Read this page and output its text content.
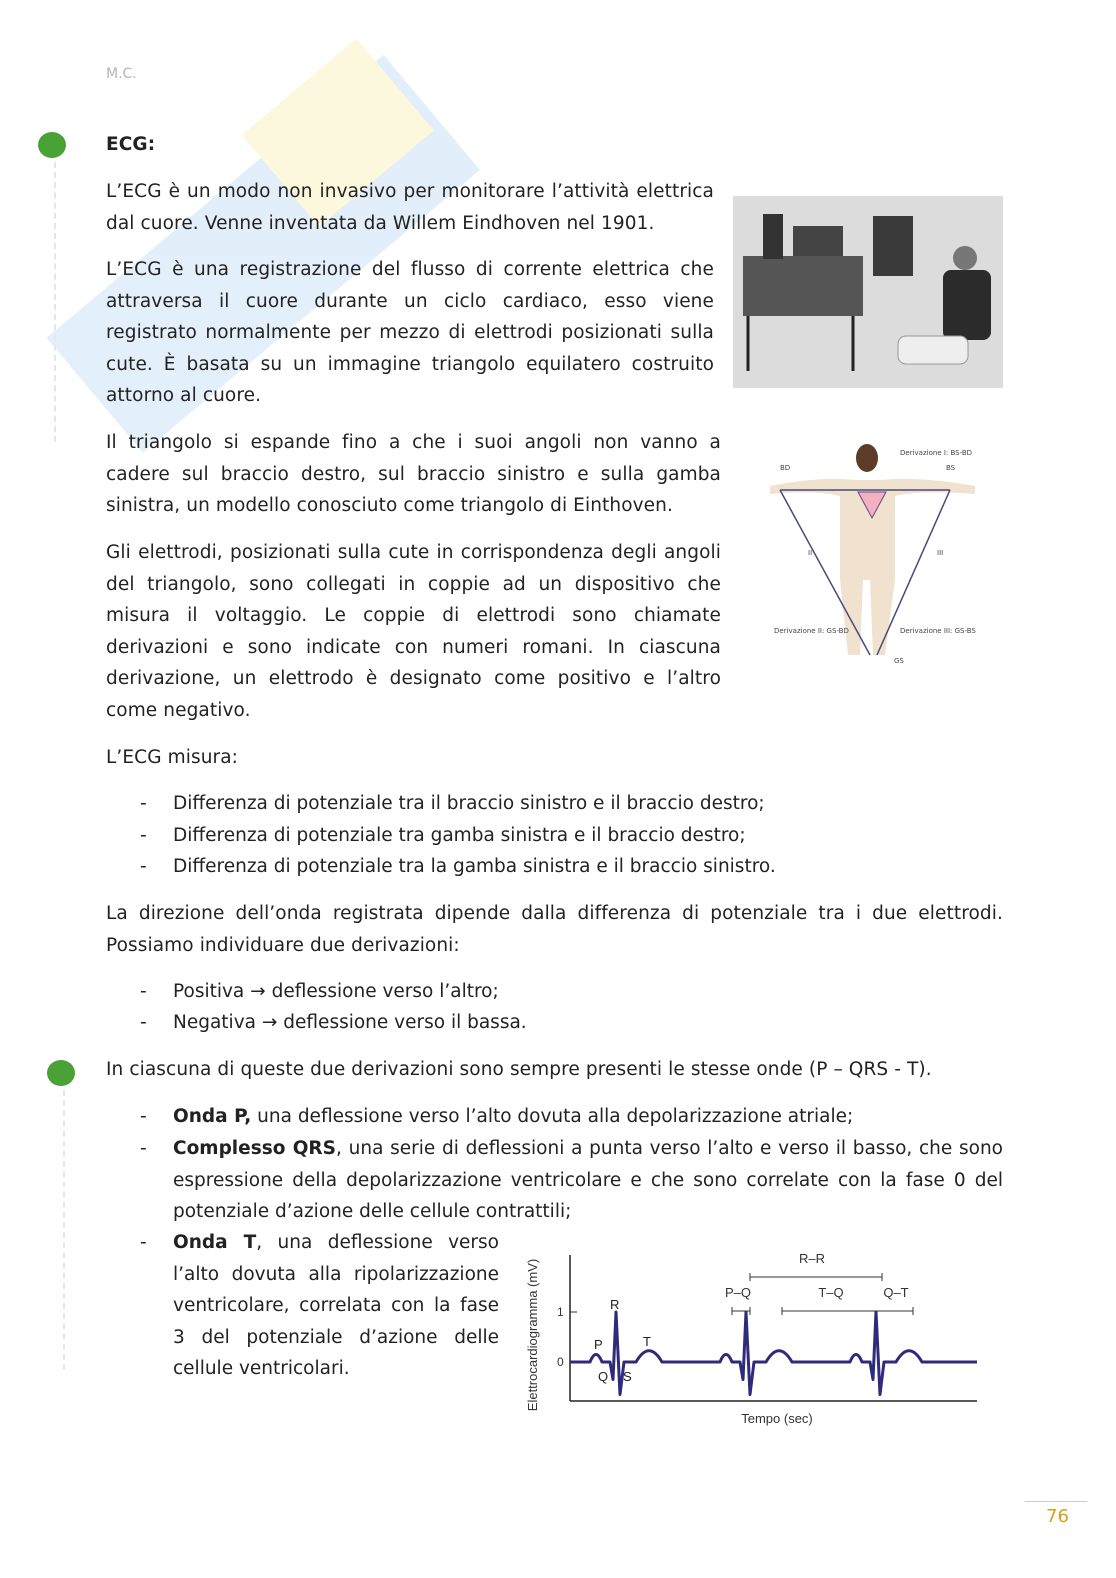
M.C.
ECG:
L’ECG è un modo non invasivo per monitorare l’attività elettrica dal cuore. Venne inventata da Willem Eindhoven nel 1901.
L’ECG è una registrazione del flusso di corrente elettrica che attraversa il cuore durante un ciclo cardiaco, esso viene registrato normalmente per mezzo di elettrodi posizionati sulla cute. È basata su un immagine triangolo equilatero costruito attorno al cuore.
Il triangolo si espande fino a che i suoi angoli non vanno a cadere sul braccio destro, sul braccio sinistro e sulla gamba sinistra, un modello conosciuto come triangolo di Einthoven.
Gli elettrodi, posizionati sulla cute in corrispondenza degli angoli del triangolo, sono collegati in coppie ad un dispositivo che misura il voltaggio. Le coppie di elettrodi sono chiamate derivazioni e sono indicate con numeri romani. In ciascuna derivazione, un elettrodo è designato come positivo e l’altro come negativo.
BD	BS
Derivazione I: BS-BD
II	III
Derivazione II: GS-BD	Derivazione III: GS-BS
GS
L’ECG misura:
- Differenza di potenziale tra il braccio sinistro e il braccio destro;
- Differenza di potenziale tra gamba sinistra e il braccio destro;
- Differenza di potenziale tra la gamba sinistra e il braccio sinistro.
La direzione dell’onda registrata dipende dalla differenza di potenziale tra i due elettrodi. Possiamo individuare due derivazioni:
- Positiva → deflessione verso l’altro;
- Negativa → deflessione verso il bassa.
In ciascuna di queste due derivazioni sono sempre presenti le stesse onde (P – QRS - T).
- Onda P, una deflessione verso l’alto dovuta alla depolarizzazione atriale;
- Complesso QRS, una serie di deflessioni a punta verso l’alto e verso il basso, che sono espressione della depolarizzazione ventricolare e che sono correlate con la fase 0 del potenziale d’azione delle cellule contrattili;
- Onda T, una deflessione verso l’alto dovuta alla ripolarizzazione ventricolare, correlata con la fase 3 del potenziale d’azione delle cellule ventricolari.	Elettrocardiogramma (mV)
Tempo (sec)
1
0
P
Q
R
S
T
R–R
P–Q	T–Q	Q–T
76
